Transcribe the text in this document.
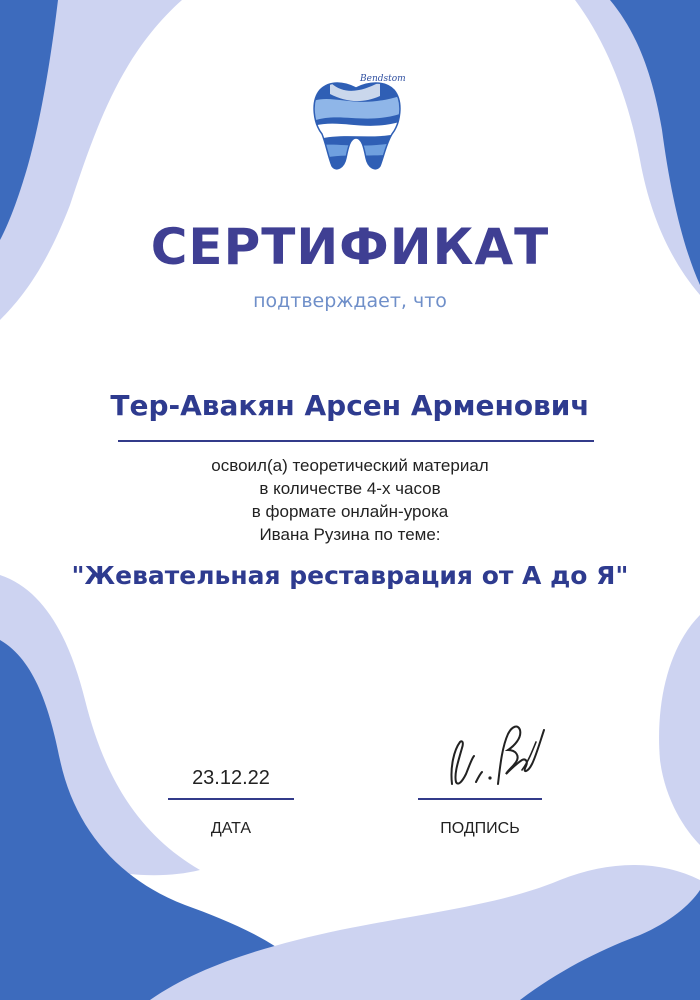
Bendstom
СЕРТИФИКАТ
подтверждает, что
Тер-Авакян Арсен Арменович
освоил(а) теоретический материал
в количестве 4-х часов
в формате онлайн-урока
Ивана Рузина по теме:
"Жевательная реставрация от А до Я"
23.12.22
ДАТА	ПОДПИСЬ
